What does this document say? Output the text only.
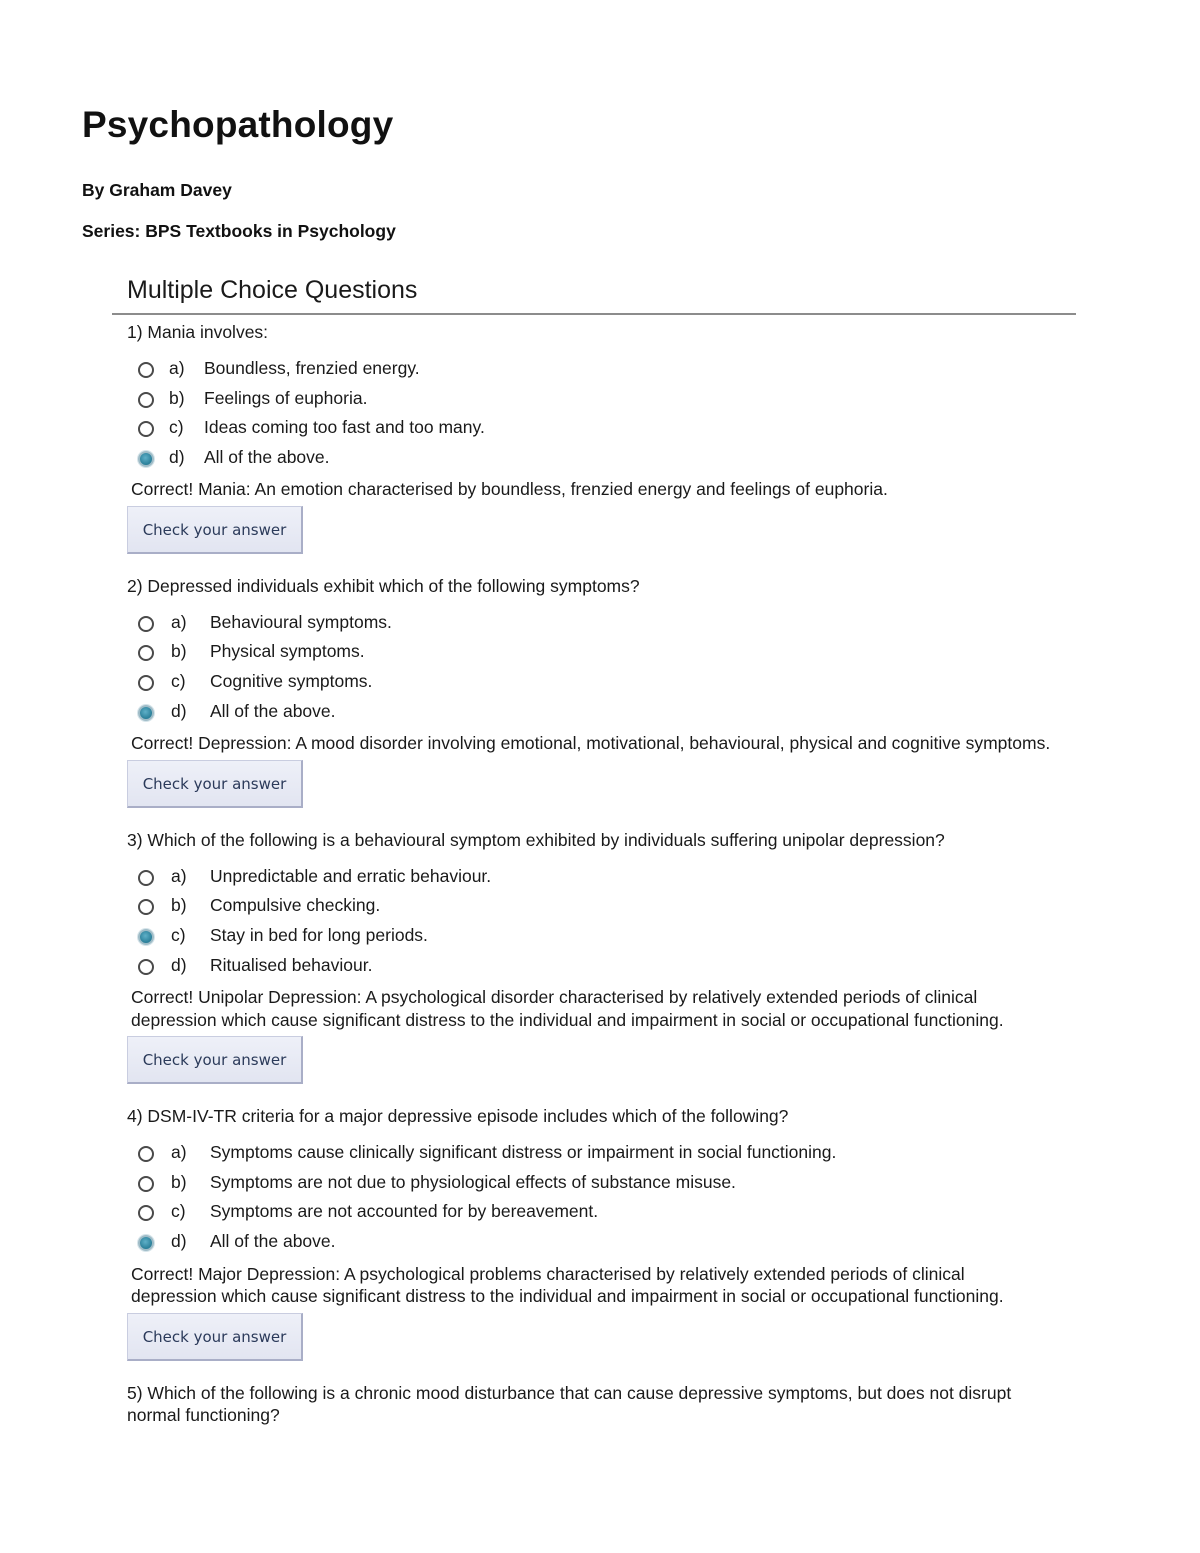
Psychopathology

By Graham Davey

Series: BPS Textbooks in Psychology

Multiple Choice Questions

1) Mania involves:

a) Boundless, frenzied energy.
b) Feelings of euphoria.
c) Ideas coming too fast and too many.
d) All of the above.

Correct! Mania: An emotion characterised by boundless, frenzied energy and feelings of euphoria.

Check your answer

2) Depressed individuals exhibit which of the following symptoms?

a) Behavioural symptoms.
b) Physical symptoms.
c) Cognitive symptoms.
d) All of the above.

Correct! Depression: A mood disorder involving emotional, motivational, behavioural, physical and cognitive symptoms.

Check your answer

3) Which of the following is a behavioural symptom exhibited by individuals suffering unipolar depression?

a) Unpredictable and erratic behaviour.
b) Compulsive checking.
c) Stay in bed for long periods.
d) Ritualised behaviour.

Correct! Unipolar Depression: A psychological disorder characterised by relatively extended periods of clinical depression which cause significant distress to the individual and impairment in social or occupational functioning.

Check your answer

4) DSM-IV-TR criteria for a major depressive episode includes which of the following?

a) Symptoms cause clinically significant distress or impairment in social functioning.
b) Symptoms are not due to physiological effects of substance misuse.
c) Symptoms are not accounted for by bereavement.
d) All of the above.

Correct! Major Depression: A psychological problems characterised by relatively extended periods of clinical depression which cause significant distress to the individual and impairment in social or occupational functioning.

Check your answer

5) Which of the following is a chronic mood disturbance that can cause depressive symptoms, but does not disrupt normal functioning?
